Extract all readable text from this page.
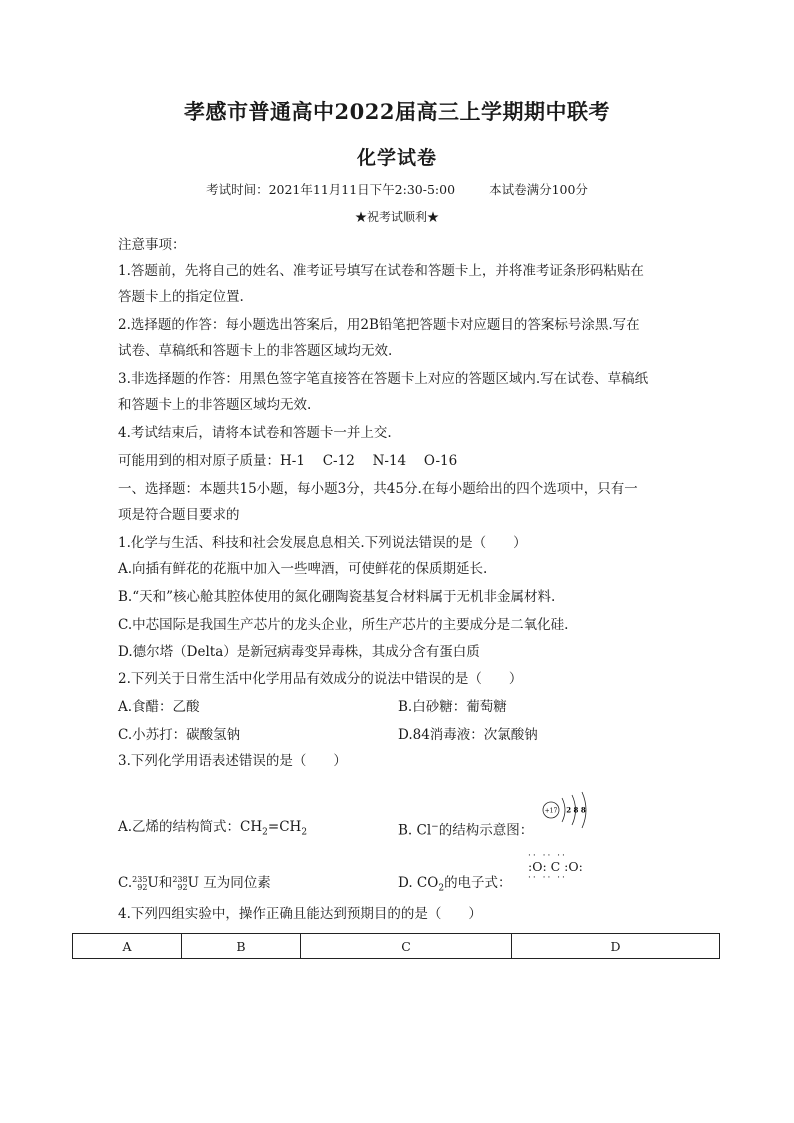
孝感市普通高中2022届高三上学期期中联考
化学试卷
考试时间：2021年11月11日下午2:30-5:00	本试卷满分100分
★祝考试顺利★
注意事项：
1.答题前，先将自己的姓名、准考证号填写在试卷和答题卡上，并将准考证条形码粘贴在
答题卡上的指定位置.
2.选择题的作答：每小题选出答案后，用2B铅笔把答题卡对应题目的答案标号涂黑.写在
试卷、草稿纸和答题卡上的非答题区域均无效.
3.非选择题的作答：用黑色签字笔直接答在答题卡上对应的答题区域内.写在试卷、草稿纸
和答题卡上的非答题区域均无效.
4.考试结束后，请将本试卷和答题卡一并上交.
可能用到的相对原子质量：H-1　 C-12　 N-14　 O-16
一、选择题：本题共15小题，每小题3分，共45分.在每小题给出的四个选项中，只有一
项是符合题目要求的
1.化学与生活、科技和社会发展息息相关.下列说法错误的是（　　）
A.向插有鲜花的花瓶中加入一些啤酒，可使鲜花的保质期延长.
B.“天和”核心舱其腔体使用的氮化硼陶瓷基复合材料属于无机非金属材料.
C.中芯国际是我国生产芯片的龙头企业，所生产芯片的主要成分是二氧化硅.
D.德尔塔（Delta）是新冠病毒变异毒株，其成分含有蛋白质
2.下列关于日常生活中化学用品有效成分的说法中错误的是（　　）
A.食醋：乙酸	B.白砂糖：葡萄糖
C.小苏打：碳酸氢钠	D.84消毒液：次氯酸钠
3.下列化学用语表述错误的是（　　）
A.乙烯的结构简式：$CH_2=CH_2$	B. Cl−的结构示意图：
+17 2 8 8
C.235
92U和238
92U 互为同位素	D. $CO_2$的电子式：
·· ·· ··
:O: C :O:
·· ·· ··
4.下列四组实验中，操作正确且能达到预期目的的是（　　）
A	B	C	D
